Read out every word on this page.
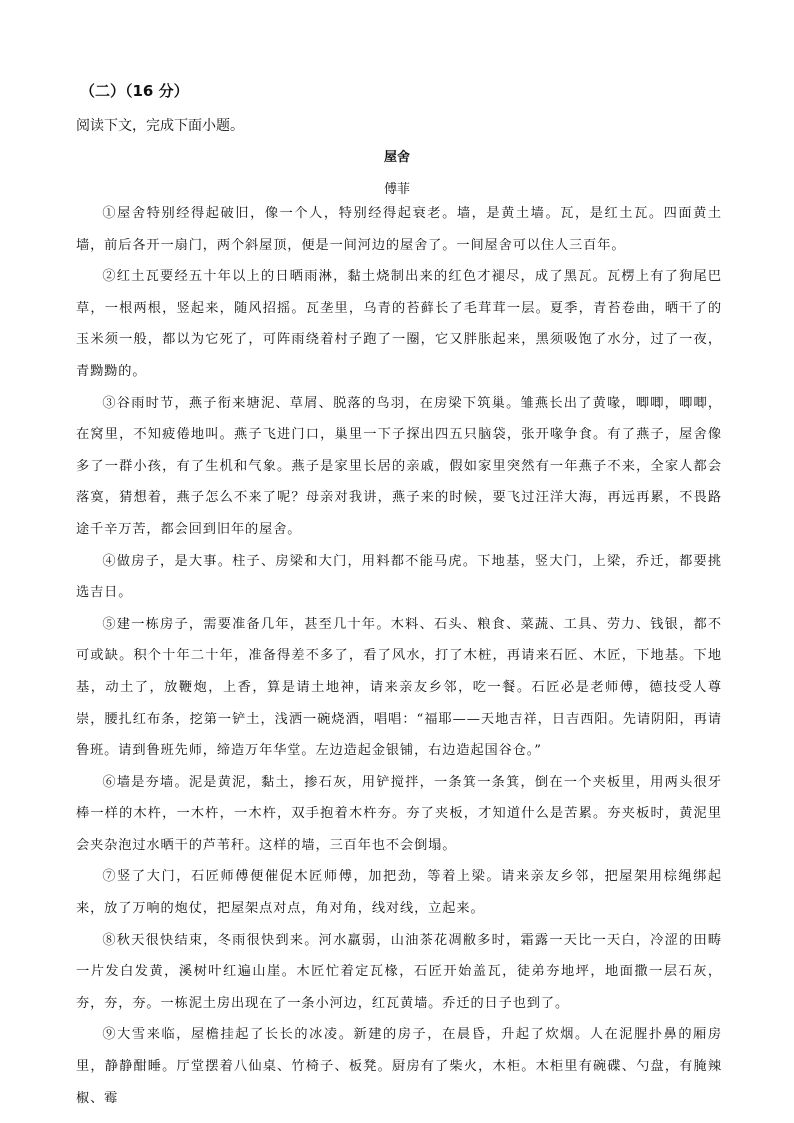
（二）（16 分）
阅读下文，完成下面小题。
屋舍
傅菲

①屋舍特别经得起破旧，像一个人，特别经得起衰老。墙，是黄土墙。瓦，是红土瓦。四面黄土墙，前后各开一扇门，两个斜屋顶，便是一间河边的屋舍了。一间屋舍可以住人三百年。

②红土瓦要经五十年以上的日晒雨淋，黏土烧制出来的红色才褪尽，成了黑瓦。瓦楞上有了狗尾巴草，一根两根，竖起来，随风招摇。瓦垄里，乌青的苔藓长了毛茸茸一层。夏季，青苔卷曲，晒干了的玉米须一般，都以为它死了，可阵雨绕着村子跑了一圈，它又胖胀起来，黑须吸饱了水分，过了一夜，青黝黝的。

③谷雨时节，燕子衔来塘泥、草屑、脱落的鸟羽，在房梁下筑巢。雏燕长出了黄喙，唧唧，唧唧，在窝里，不知疲倦地叫。燕子飞进门口，巢里一下子探出四五只脑袋，张开喙争食。有了燕子，屋舍像多了一群小孩，有了生机和气象。燕子是家里长居的亲戚，假如家里突然有一年燕子不来，全家人都会落寞，猜想着，燕子怎么不来了呢？母亲对我讲，燕子来的时候，要飞过汪洋大海，再远再累，不畏路途千辛万苦，都会回到旧年的屋舍。

④做房子，是大事。柱子、房梁和大门，用料都不能马虎。下地基，竖大门，上梁，乔迁，都要挑选吉日。

⑤建一栋房子，需要准备几年，甚至几十年。木料、石头、粮食、菜蔬、工具、劳力、钱银，都不可或缺。积个十年二十年，准备得差不多了，看了风水，打了木桩，再请来石匠、木匠，下地基。下地基，动土了，放鞭炮，上香，算是请土地神，请来亲友乡邻，吃一餐。石匠必是老师傅，德技受人尊崇，腰扎红布条，挖第一铲土，浅洒一碗烧酒，唱唱：“福耶——天地吉祥，日吉西阳。先请阴阳，再请鲁班。请到鲁班先师，缔造万年华堂。左边造起金银铺，右边造起国谷仓。”

⑥墙是夯墙。泥是黄泥，黏土，掺石灰，用铲搅拌，一条箕一条箕，倒在一个夹板里，用两头很牙棒一样的木杵，一木杵，一木杵，双手抱着木杵夯。夯了夹板，才知道什么是苦累。夯夹板时，黄泥里会夹杂泡过水晒干的芦苇秆。这样的墙，三百年也不会倒塌。

⑦竖了大门，石匠师傅便催促木匠师傅，加把劲，等着上梁。请来亲友乡邻，把屋架用棕绳绑起来，放了万响的炮仗，把屋架点对点，角对角，线对线，立起来。

⑧秋天很快结束，冬雨很快到来。河水羸弱，山油茶花凋敝多时，霜露一天比一天白，冷涩的田畴一片发白发黄，溪树叶红遍山崖。木匠忙着定瓦椽，石匠开始盖瓦，徒弟夯地坪，地面撒一层石灰，夯，夯，夯。一栋泥土房出现在了一条小河边，红瓦黄墙。乔迁的日子也到了。

⑨大雪来临，屋檐挂起了长长的冰凌。新建的房子，在晨昏，升起了炊烟。人在泥腥扑鼻的厢房里，静静酣睡。厅堂摆着八仙桌、竹椅子、板凳。厨房有了柴火，木柜。木柜里有碗碟、勺盘，有腌辣椒、霉
